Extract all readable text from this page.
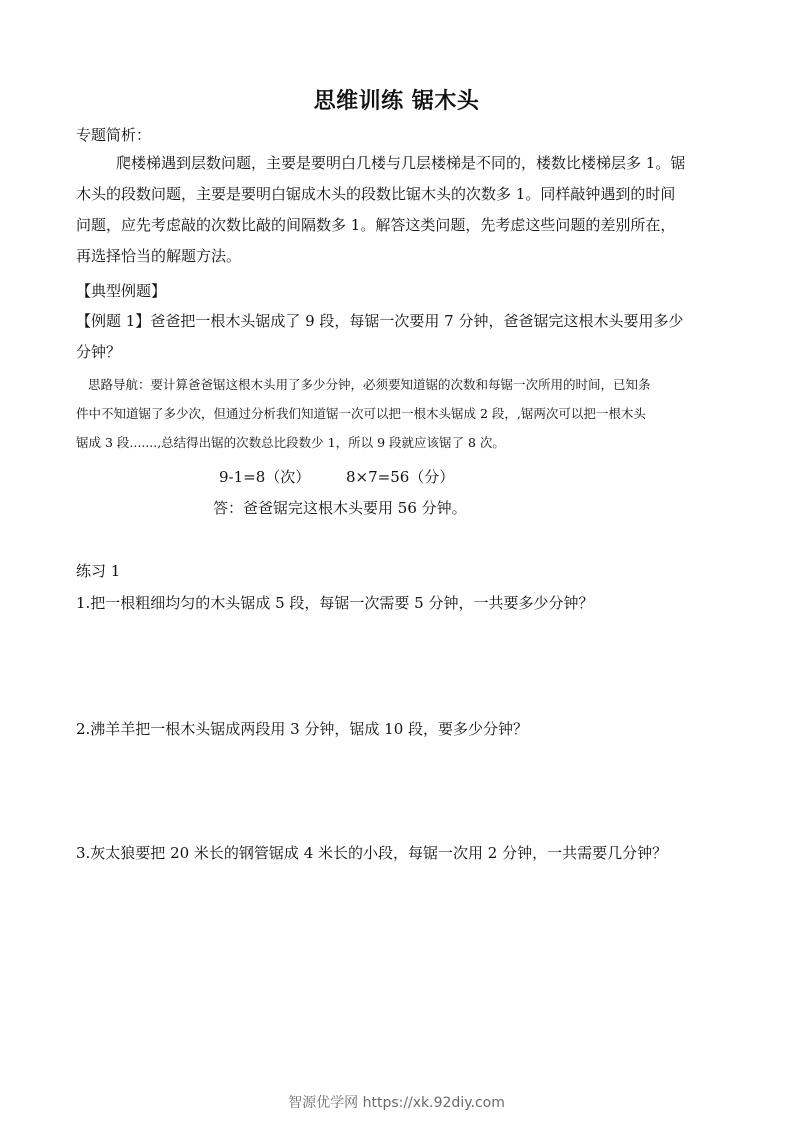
思维训练 锯木头
专题简析：
爬楼梯遇到层数问题，主要是要明白几楼与几层楼梯是不同的，楼数比楼梯层多 1。锯
木头的段数问题，主要是要明白锯成木头的段数比锯木头的次数多 1。同样敲钟遇到的时间
问题，应先考虑敲的次数比敲的间隔数多 1。解答这类问题，先考虑这些问题的差别所在，
再选择恰当的解题方法。
【典型例题】
【例题 1】爸爸把一根木头锯成了 9 段，每锯一次要用 7 分钟，爸爸锯完这根木头要用多少
分钟？
思路导航：要计算爸爸锯这根木头用了多少分钟，必须要知道锯的次数和每锯一次所用的时间，已知条
件中不知道锯了多少次，但通过分析我们知道锯一次可以把一根木头锯成 2 段，,锯两次可以把一根木头
锯成 3 段.......,总结得出锯的次数总比段数少 1，所以 9 段就应该锯了 8 次。
9-1=8（次） 8×7=56（分）
答：爸爸锯完这根木头要用 56 分钟。
练习 1
1.把一根粗细均匀的木头锯成 5 段，每锯一次需要 5 分钟，一共要多少分钟？
2.沸羊羊把一根木头锯成两段用 3 分钟，锯成 10 段，要多少分钟？
3.灰太狼要把 20 米长的钢管锯成 4 米长的小段，每锯一次用 2 分钟，一共需要几分钟？
智源优学网 https://xk.92diy.com
